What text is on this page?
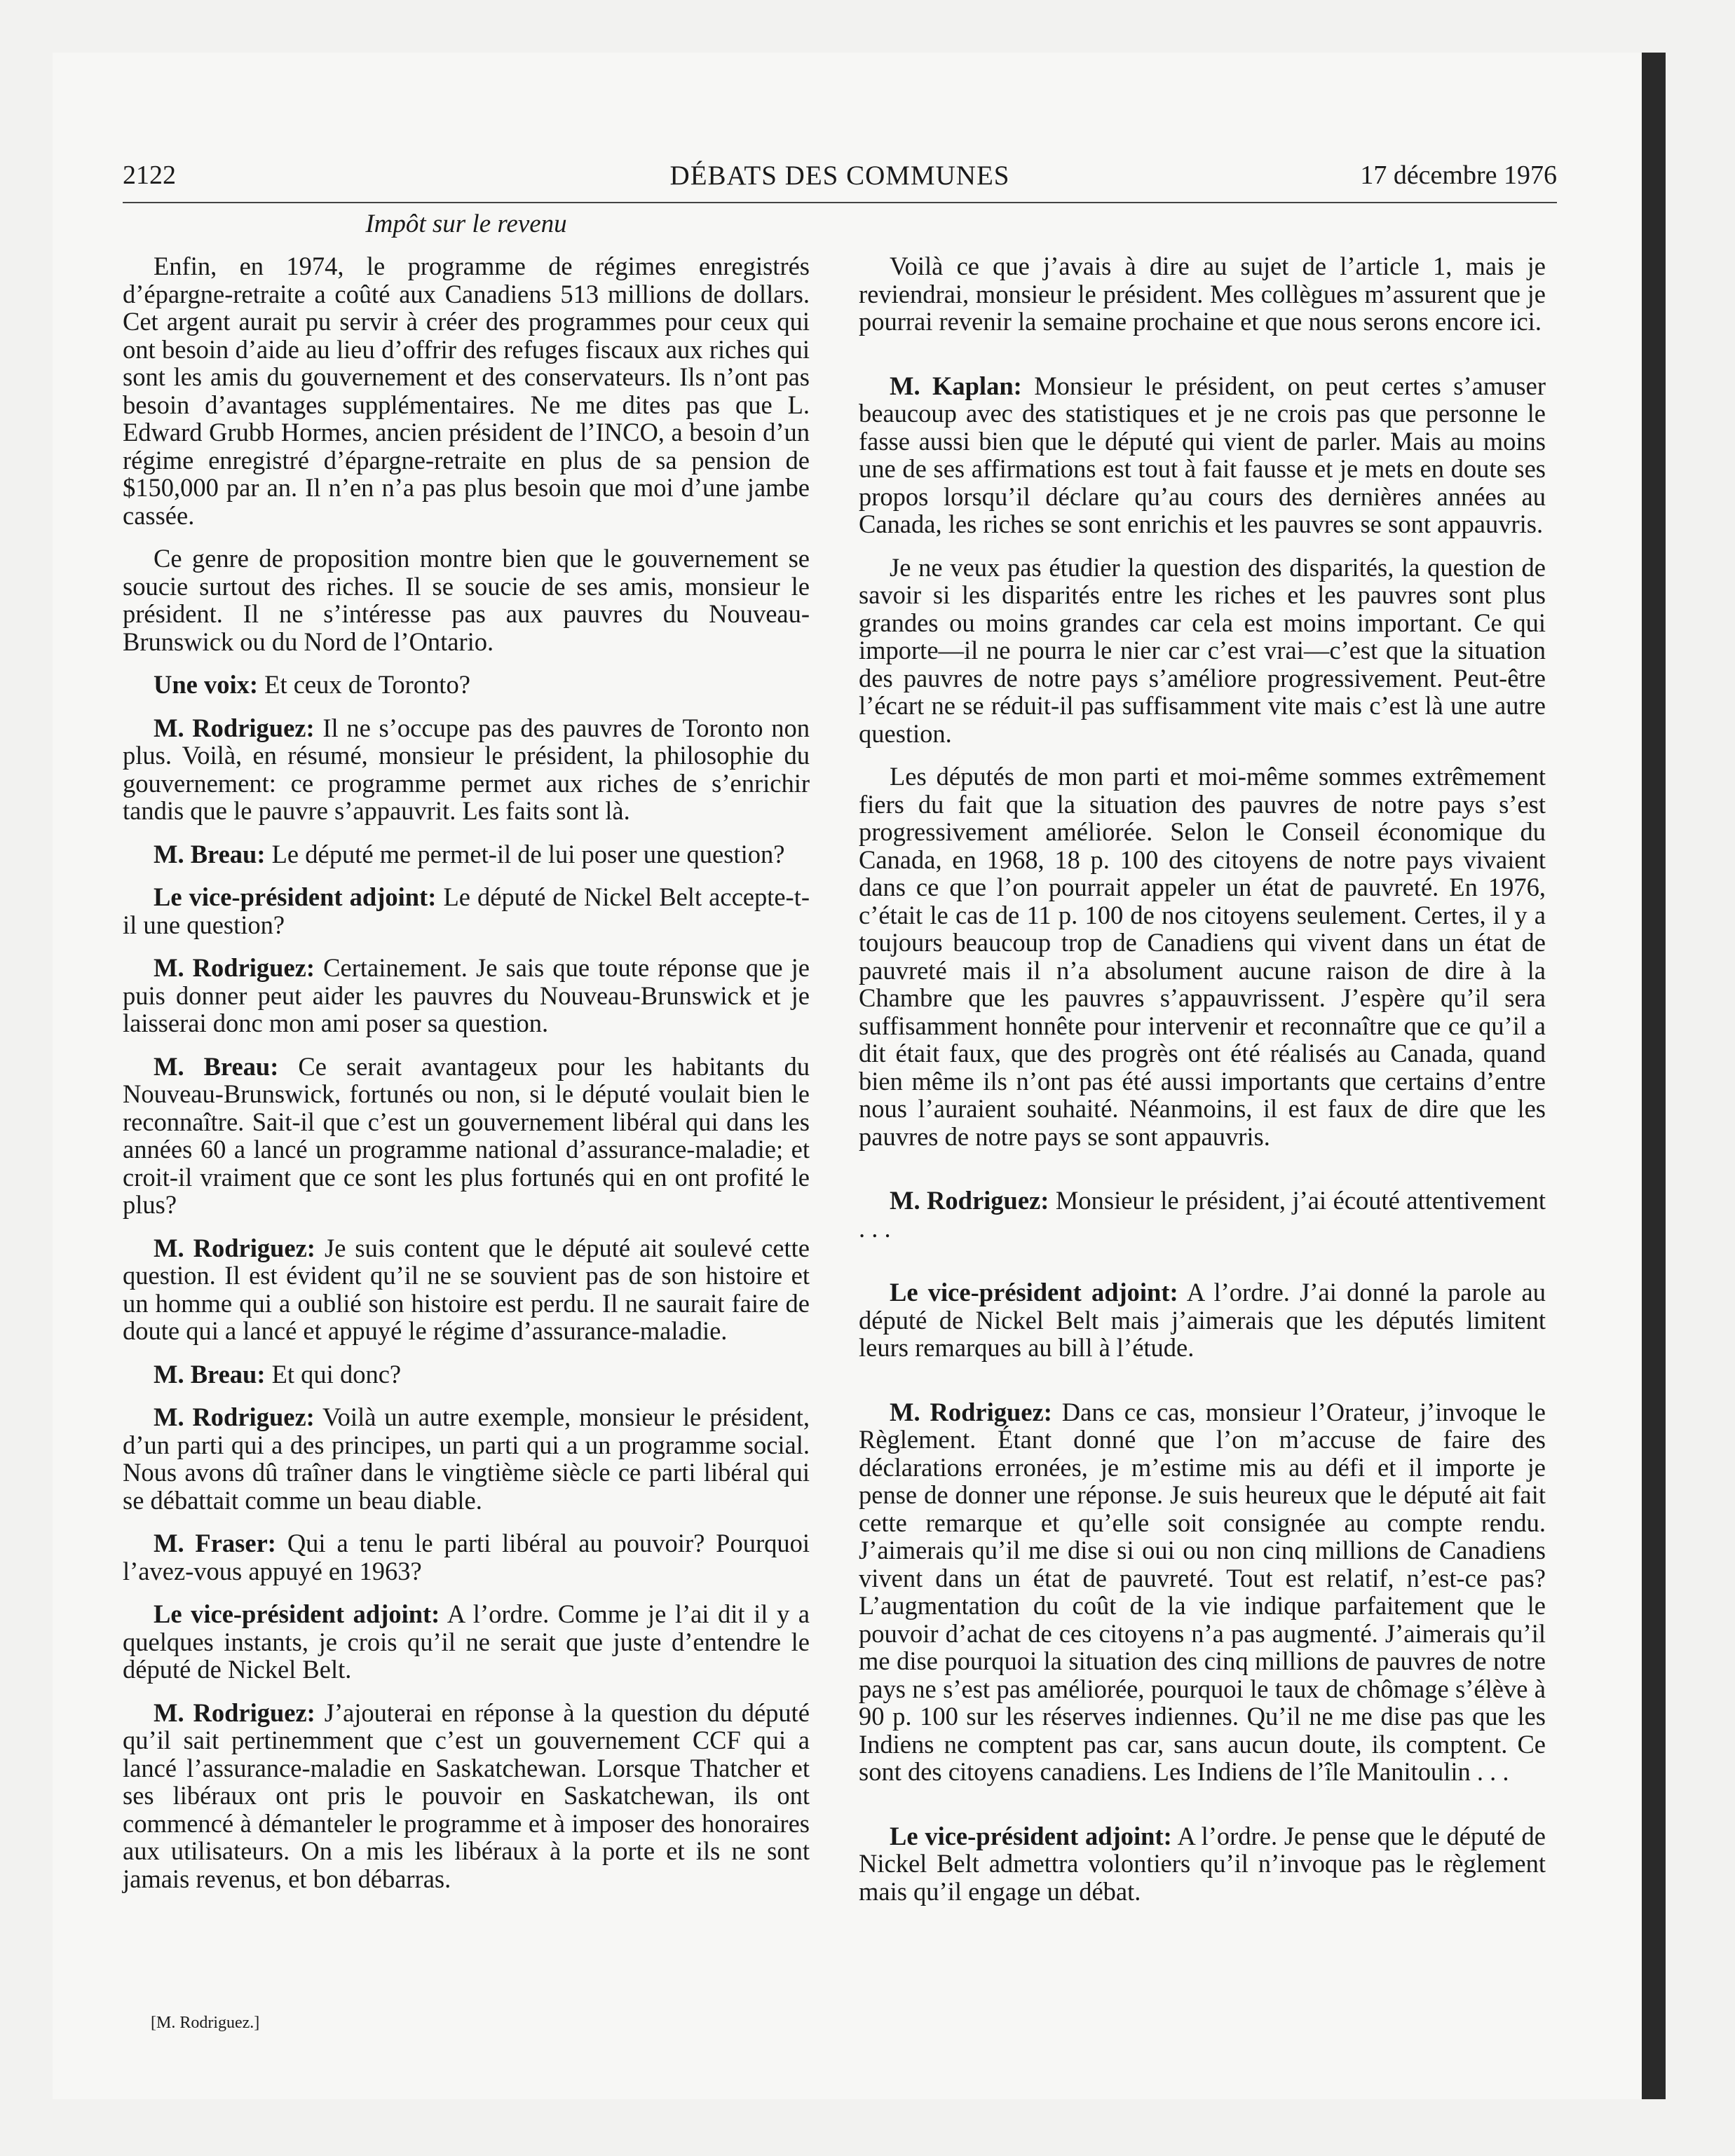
2122	DÉBATS DES COMMUNES	17 décembre 1976
Impôt sur le revenu

Enfin, en 1974, le programme de régimes enregistrés d’épargne-retraite a coûté aux Canadiens 513 millions de dollars. Cet argent aurait pu servir à créer des programmes pour ceux qui ont besoin d’aide au lieu d’offrir des refuges fiscaux aux riches qui sont les amis du gouvernement et des conservateurs. Ils n’ont pas besoin d’avantages supplémentaires. Ne me dites pas que L. Edward Grubb Hormes, ancien président de l’INCO, a besoin d’un régime enregistré d’épargne-retraite en plus de sa pension de $150,000 par an. Il n’en n’a pas plus besoin que moi d’une jambe cassée.

Ce genre de proposition montre bien que le gouvernement se soucie surtout des riches. Il se soucie de ses amis, monsieur le président. Il ne s’intéresse pas aux pauvres du Nouveau-Brunswick ou du Nord de l’Ontario.

Une voix: Et ceux de Toronto?

M. Rodriguez: Il ne s’occupe pas des pauvres de Toronto non plus. Voilà, en résumé, monsieur le président, la philosophie du gouvernement: ce programme permet aux riches de s’enrichir tandis que le pauvre s’appauvrit. Les faits sont là.

M. Breau: Le député me permet-il de lui poser une question?

Le vice-président adjoint: Le député de Nickel Belt accepte-t-il une question?

M. Rodriguez: Certainement. Je sais que toute réponse que je puis donner peut aider les pauvres du Nouveau-Brunswick et je laisserai donc mon ami poser sa question.

M. Breau: Ce serait avantageux pour les habitants du Nouveau-Brunswick, fortunés ou non, si le député voulait bien le reconnaître. Sait-il que c’est un gouvernement libéral qui dans les années 60 a lancé un programme national d’assurance-maladie; et croit-il vraiment que ce sont les plus fortunés qui en ont profité le plus?

M. Rodriguez: Je suis content que le député ait soulevé cette question. Il est évident qu’il ne se souvient pas de son histoire et un homme qui a oublié son histoire est perdu. Il ne saurait faire de doute qui a lancé et appuyé le régime d’assurance-maladie.

M. Breau: Et qui donc?

M. Rodriguez: Voilà un autre exemple, monsieur le président, d’un parti qui a des principes, un parti qui a un programme social. Nous avons dû traîner dans le vingtième siècle ce parti libéral qui se débattait comme un beau diable.

M. Fraser: Qui a tenu le parti libéral au pouvoir? Pourquoi l’avez-vous appuyé en 1963?

Le vice-président adjoint: A l’ordre. Comme je l’ai dit il y a quelques instants, je crois qu’il ne serait que juste d’entendre le député de Nickel Belt.

M. Rodriguez: J’ajouterai en réponse à la question du député qu’il sait pertinemment que c’est un gouvernement CCF qui a lancé l’assurance-maladie en Saskatchewan. Lorsque Thatcher et ses libéraux ont pris le pouvoir en Saskatchewan, ils ont commencé à démanteler le programme et à imposer des honoraires aux utilisateurs. On a mis les libéraux à la porte et ils ne sont jamais revenus, et bon débarras.

Voilà ce que j’avais à dire au sujet de l’article 1, mais je reviendrai, monsieur le président. Mes collègues m’assurent que je pourrai revenir la semaine prochaine et que nous serons encore ici.

M. Kaplan: Monsieur le président, on peut certes s’amuser beaucoup avec des statistiques et je ne crois pas que personne le fasse aussi bien que le député qui vient de parler. Mais au moins une de ses affirmations est tout à fait fausse et je mets en doute ses propos lorsqu’il déclare qu’au cours des dernières années au Canada, les riches se sont enrichis et les pauvres se sont appauvris.

Je ne veux pas étudier la question des disparités, la question de savoir si les disparités entre les riches et les pauvres sont plus grandes ou moins grandes car cela est moins important. Ce qui importe—il ne pourra le nier car c’est vrai—c’est que la situation des pauvres de notre pays s’améliore progressivement. Peut-être l’écart ne se réduit-il pas suffisamment vite mais c’est là une autre question.

Les députés de mon parti et moi-même sommes extrêmement fiers du fait que la situation des pauvres de notre pays s’est progressivement améliorée. Selon le Conseil économique du Canada, en 1968, 18 p. 100 des citoyens de notre pays vivaient dans ce que l’on pourrait appeler un état de pauvreté. En 1976, c’était le cas de 11 p. 100 de nos citoyens seulement. Certes, il y a toujours beaucoup trop de Canadiens qui vivent dans un état de pauvreté mais il n’a absolument aucune raison de dire à la Chambre que les pauvres s’appauvrissent. J’espère qu’il sera suffisamment honnête pour intervenir et reconnaître que ce qu’il a dit était faux, que des progrès ont été réalisés au Canada, quand bien même ils n’ont pas été aussi importants que certains d’entre nous l’auraient souhaité. Néanmoins, il est faux de dire que les pauvres de notre pays se sont appauvris.

M. Rodriguez: Monsieur le président, j’ai écouté attentivement . . .

Le vice-président adjoint: A l’ordre. J’ai donné la parole au député de Nickel Belt mais j’aimerais que les députés limitent leurs remarques au bill à l’étude.

M. Rodriguez: Dans ce cas, monsieur l’Orateur, j’invoque le Règlement. Étant donné que l’on m’accuse de faire des déclarations erronées, je m’estime mis au défi et il importe je pense de donner une réponse. Je suis heureux que le député ait fait cette remarque et qu’elle soit consignée au compte rendu. J’aimerais qu’il me dise si oui ou non cinq millions de Canadiens vivent dans un état de pauvreté. Tout est relatif, n’est-ce pas? L’augmentation du coût de la vie indique parfaitement que le pouvoir d’achat de ces citoyens n’a pas augmenté. J’aimerais qu’il me dise pourquoi la situation des cinq millions de pauvres de notre pays ne s’est pas améliorée, pourquoi le taux de chômage s’élève à 90 p. 100 sur les réserves indiennes. Qu’il ne me dise pas que les Indiens ne comptent pas car, sans aucun doute, ils comptent. Ce sont des citoyens canadiens. Les Indiens de l’île Manitoulin . . .

Le vice-président adjoint: A l’ordre. Je pense que le député de Nickel Belt admettra volontiers qu’il n’invoque pas le règlement mais qu’il engage un débat.

[M. Rodriguez.]
